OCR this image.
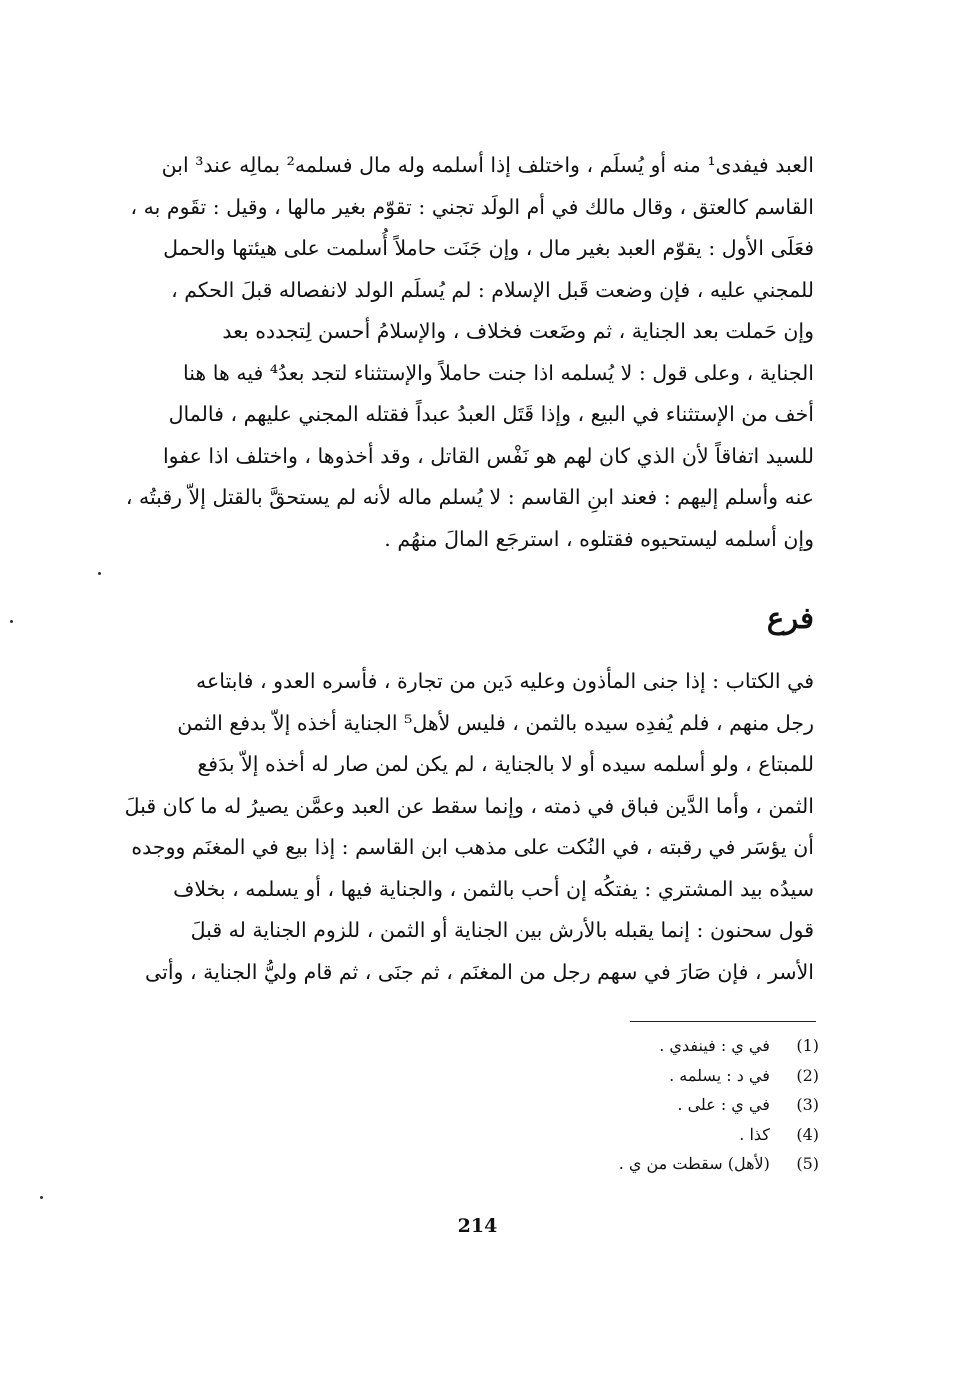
العبد فيفدى¹ منه أو يُسلَم ، واختلف إذا أسلمه وله مال فسلمه² بمالِه عند³ ابن
القاسم كالعتق ، وقال مالك في أم الولَد تجني : تقوّم بغير مالها ، وقيل : تقَوم به ،
فعَلَى الأول : يقوّم العبد بغير مال ، وإن جَنَت حاملاً أُسلمت على هيئتها والحمل
للمجني عليه ، فإن وضعت قَبل الإسلام : لم يُسلَم الولد لانفصاله قبلَ الحكم ،
وإن حَملت بعد الجناية ، ثم وضَعت فخلاف ، والإسلامُ أحسن لِتجدده بعد
الجناية ، وعلى قول : لا يُسلمه اذا جنت حاملاً والإستثناء لتجد بعدُ⁴ فيه ها هنا
أخف من الإستثناء في البيع ، وإذا قَتَل العبدُ عبداً فقتله المجني عليهم ، فالمال
للسيد اتفاقاً لأن الذي كان لهم هو نَفْس القاتل ، وقد أخذوها ، واختلف اذا عفوا
عنه وأسلم إليهم : فعند ابنِ القاسم : لا يُسلم ماله لأنه لم يستحقَّ بالقتل إلاّ رقبتُه ،
وإن أسلمه ليستحيوه فقتلوه ، استرجَع المالَ منهُم .
فرع
في الكتاب : إذا جنى المأذون وعليه دَين من تجارة ، فأسره العدو ، فابتاعه
رجل منهم ، فلم يُفدِه سيده بالثمن ، فليس لأهل⁵ الجناية أخذه إلاّ بدفع الثمن
للمبتاع ، ولو أسلمه سيده أو لا بالجناية ، لم يكن لمن صار له أخذه إلاّ بدَفع
الثمن ، وأما الدَّين فباق في ذمته ، وإنما سقط عن العبد وعمَّن يصيرُ له ما كان قبلَ
أن يؤسَر في رقبته ، في النُكت على مذهب ابن القاسم : إذا بيع في المغنَم ووجده
سيدُه بيد المشتري : يفتكُه إن أحب بالثمن ، والجناية فيها ، أو يسلمه ، بخلاف
قول سحنون : إنما يقبله بالأرش بين الجناية أو الثمن ، للزوم الجناية له قبلَ
الأسر ، فإن صَارَ في سهم رجل من المغنَم ، ثم جنَى ، ثم قام وليُّ الجناية ، وأتى
(1) في ي : فينفدي .
(2) في د : يسلمه .
(3) في ي : على .
(4) كذا .
(5) (لأهل) سقطت من ي .
214
